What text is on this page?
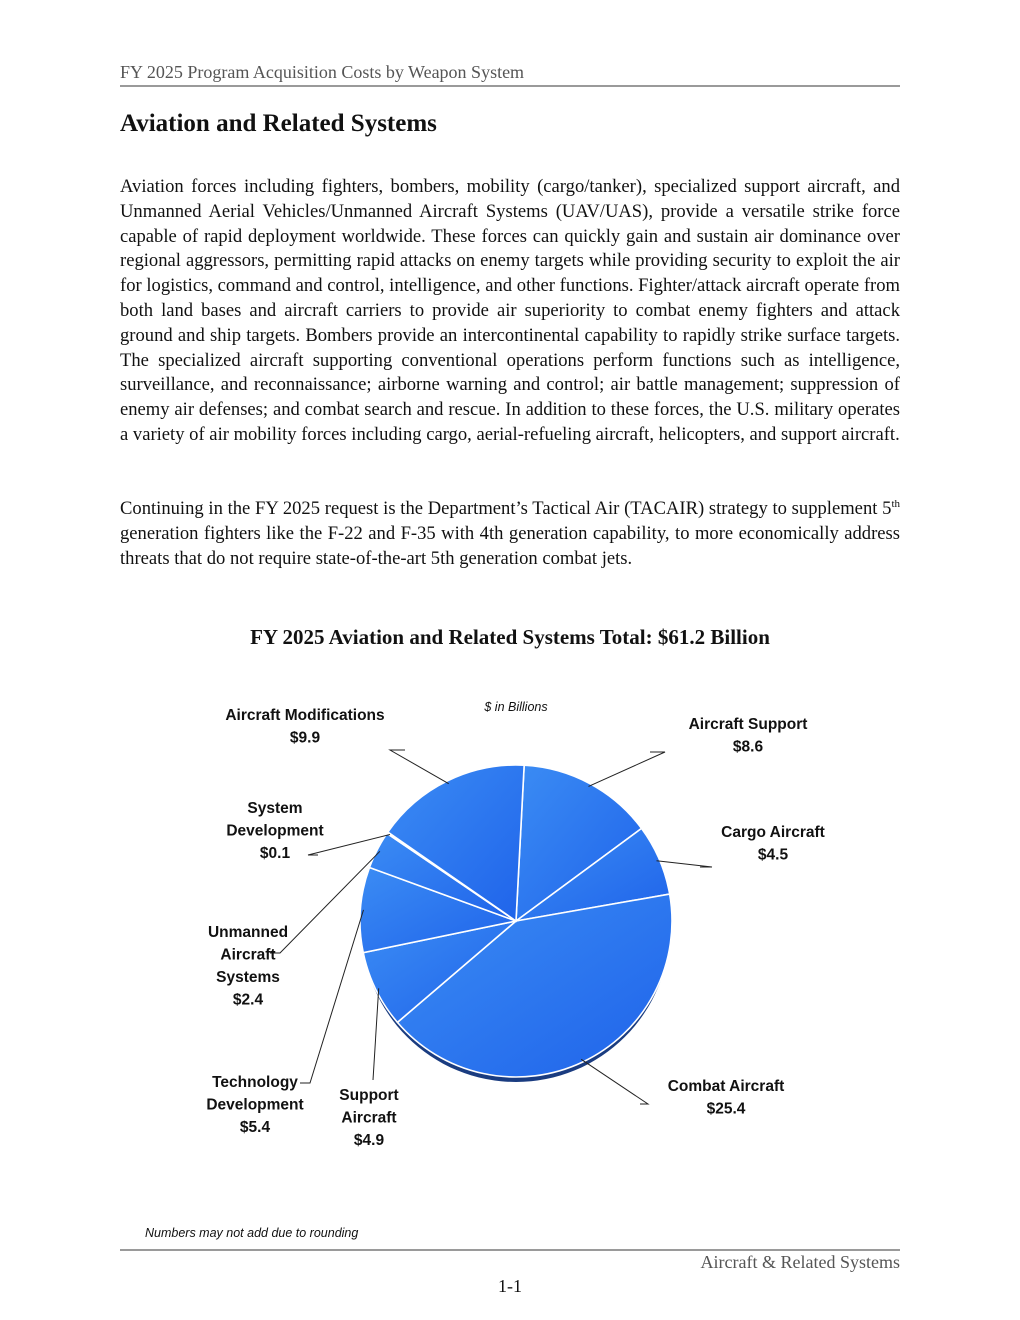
FY 2025 Program Acquisition Costs by Weapon System
Aviation and Related Systems

Aviation forces including fighters, bombers, mobility (cargo/tanker), specialized support aircraft, and Unmanned Aerial Vehicles/Unmanned Aircraft Systems (UAV/UAS), provide a versatile strike force capable of rapid deployment worldwide. These forces can quickly gain and sustain air dominance over regional aggressors, permitting rapid attacks on enemy targets while providing security to exploit the air for logistics, command and control, intelligence, and other functions. Fighter/attack aircraft operate from both land bases and aircraft carriers to provide air superiority to combat enemy fighters and attack ground and ship targets. Bombers provide an intercontinental capability to rapidly strike surface targets. The specialized aircraft supporting conventional operations perform functions such as intelligence, surveillance, and reconnaissance; airborne warning and control; air battle management; suppression of enemy air defenses; and combat search and rescue. In addition to these forces, the U.S. military operates a variety of air mobility forces including cargo, aerial-refueling aircraft, helicopters, and support aircraft.

Continuing in the FY 2025 request is the Department’s Tactical Air (TACAIR) strategy to supplement 5th generation fighters like the F-22 and F-35 with 4th generation capability, to more economically address threats that do not require state-of-the-art 5th generation combat jets.

FY 2025 Aviation and Related Systems Total: $61.2 Billion
$ in Billions
Aircraft Support $8.6
Cargo Aircraft $4.5
Combat Aircraft $25.4
Support Aircraft $4.9
Technology Development $5.4
Unmanned Aircraft Systems $2.4
System Development $0.1
Aircraft Modifications $9.9
Numbers may not add due to rounding
Aircraft & Related Systems
1-1
